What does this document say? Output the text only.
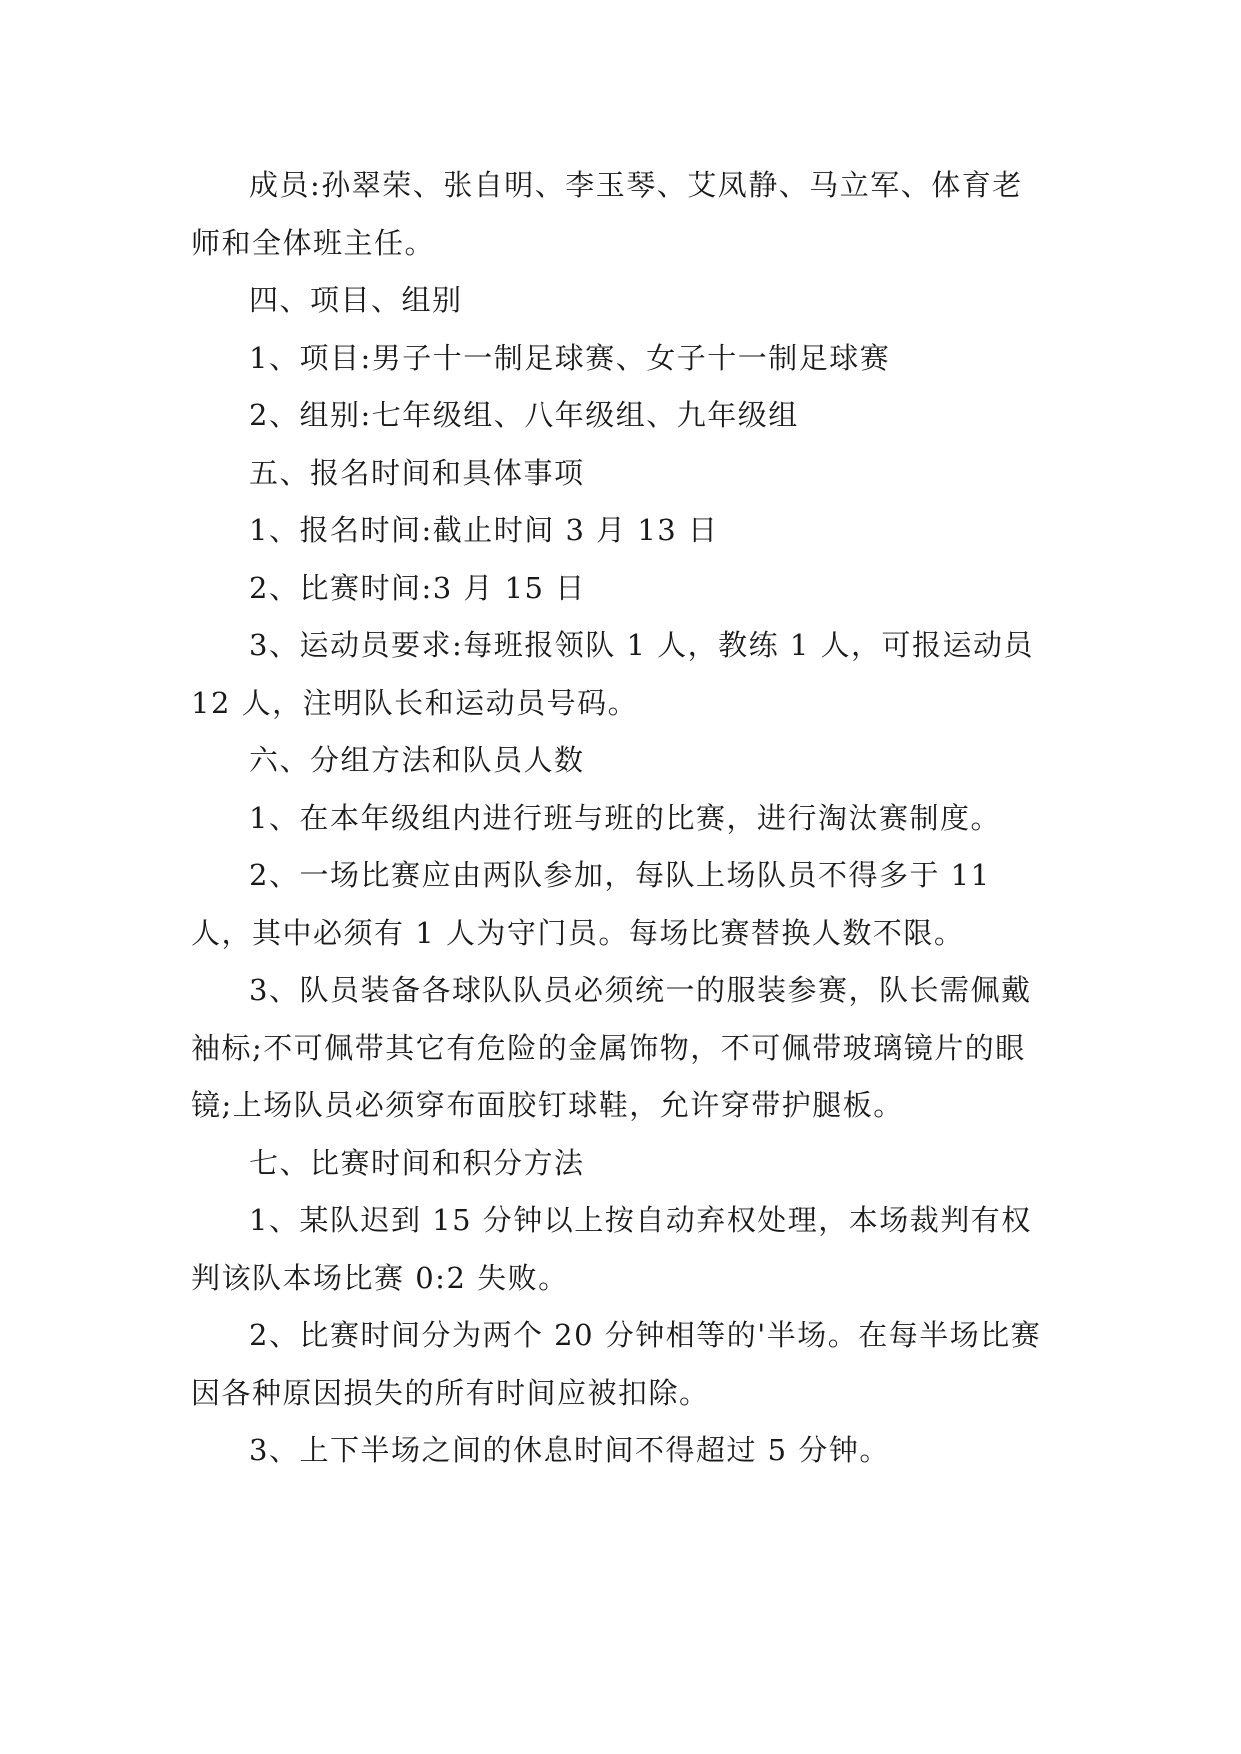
成员:孙翠荣、张自明、李玉琴、艾凤静、马立军、体育老师和全体班主任。

四、项目、组别

1、项目:男子十一制足球赛、女子十一制足球赛

2、组别:七年级组、八年级组、九年级组

五、报名时间和具体事项

1、报名时间:截止时间 3 月 13 日

2、比赛时间:3 月 15 日

3、运动员要求:每班报领队 1 人，教练 1 人，可报运动员 12 人，注明队长和运动员号码。

六、分组方法和队员人数

1、在本年级组内进行班与班的比赛，进行淘汰赛制度。

2、一场比赛应由两队参加，每队上场队员不得多于 11 人，其中必须有 1 人为守门员。每场比赛替换人数不限。

3、队员装备各球队队员必须统一的服装参赛，队长需佩戴袖标;不可佩带其它有危险的金属饰物，不可佩带玻璃镜片的眼镜;上场队员必须穿布面胶钉球鞋，允许穿带护腿板。

七、比赛时间和积分方法

1、某队迟到 15 分钟以上按自动弃权处理，本场裁判有权判该队本场比赛 0:2 失败。

2、比赛时间分为两个 20 分钟相等的'半场。在每半场比赛因各种原因损失的所有时间应被扣除。

3、上下半场之间的休息时间不得超过 5 分钟。
